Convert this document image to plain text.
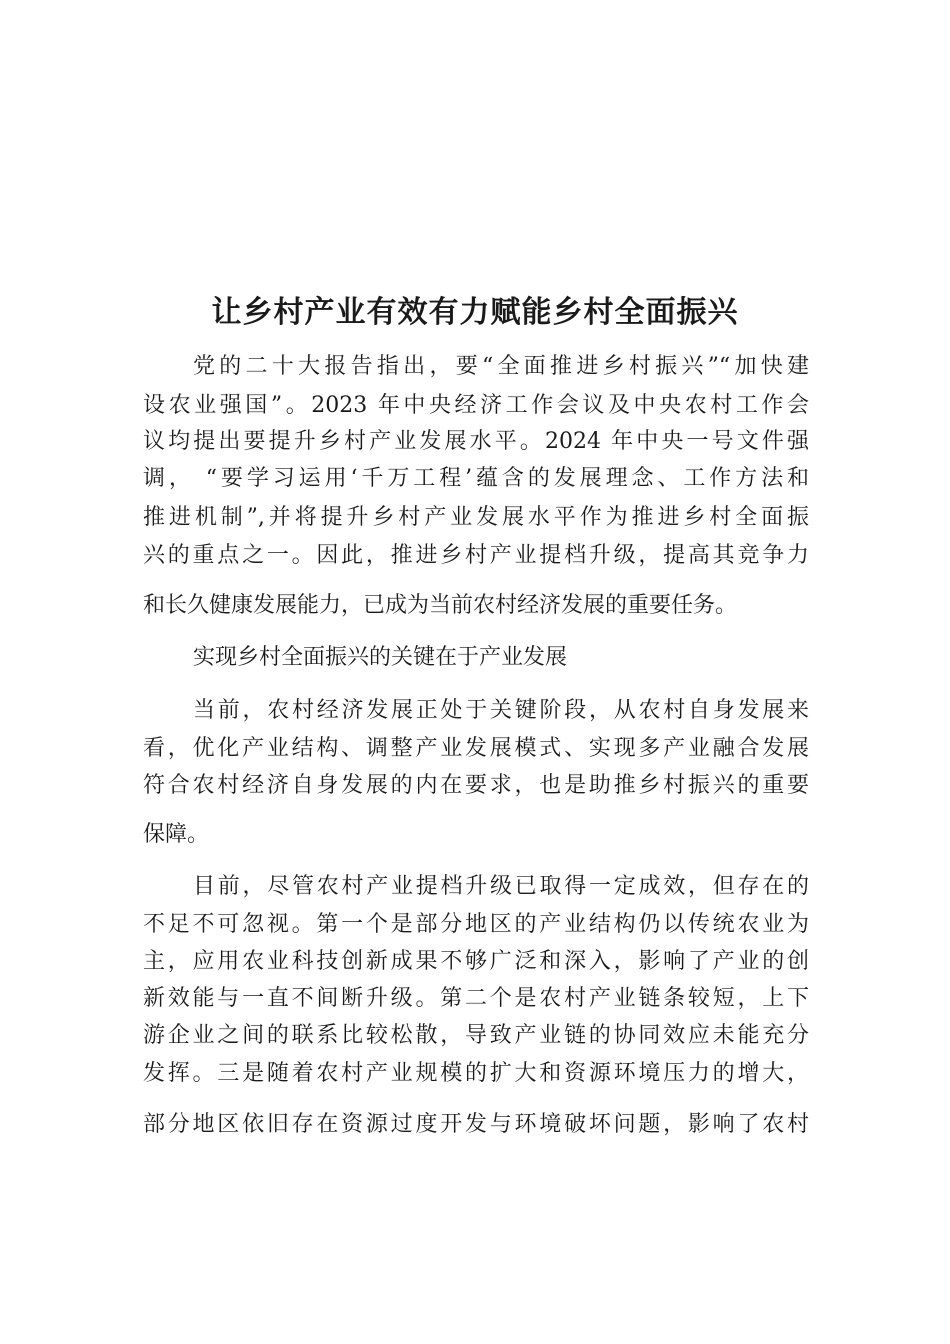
让乡村产业有效有力赋能乡村全面振兴

党的二十大报告指出，要“全面推进乡村振兴”“加快建

设农业强国”。2023 年中央经济工作会议及中央农村工作会

议均提出要提升乡村产业发展水平。2024 年中央一号文件强

调， “要学习运用‘千万工程’蕴含的发展理念、工作方法和

推进机制”,并将提升乡村产业发展水平作为推进乡村全面振

兴的重点之一。因此，推进乡村产业提档升级，提高其竞争力

和长久健康发展能力，已成为当前农村经济发展的重要任务。

实现乡村全面振兴的关键在于产业发展

当前，农村经济发展正处于关键阶段，从农村自身发展来

看，优化产业结构、调整产业发展模式、实现多产业融合发展

符合农村经济自身发展的内在要求，也是助推乡村振兴的重要

保障。

目前，尽管农村产业提档升级已取得一定成效，但存在的

不足不可忽视。第一个是部分地区的产业结构仍以传统农业为

主，应用农业科技创新成果不够广泛和深入，影响了产业的创

新效能与一直不间断升级。第二个是农村产业链条较短，上下

游企业之间的联系比较松散，导致产业链的协同效应未能充分

发挥。三是随着农村产业规模的扩大和资源环境压力的增大，

部分地区依旧存在资源过度开发与环境破坏问题，影响了农村
